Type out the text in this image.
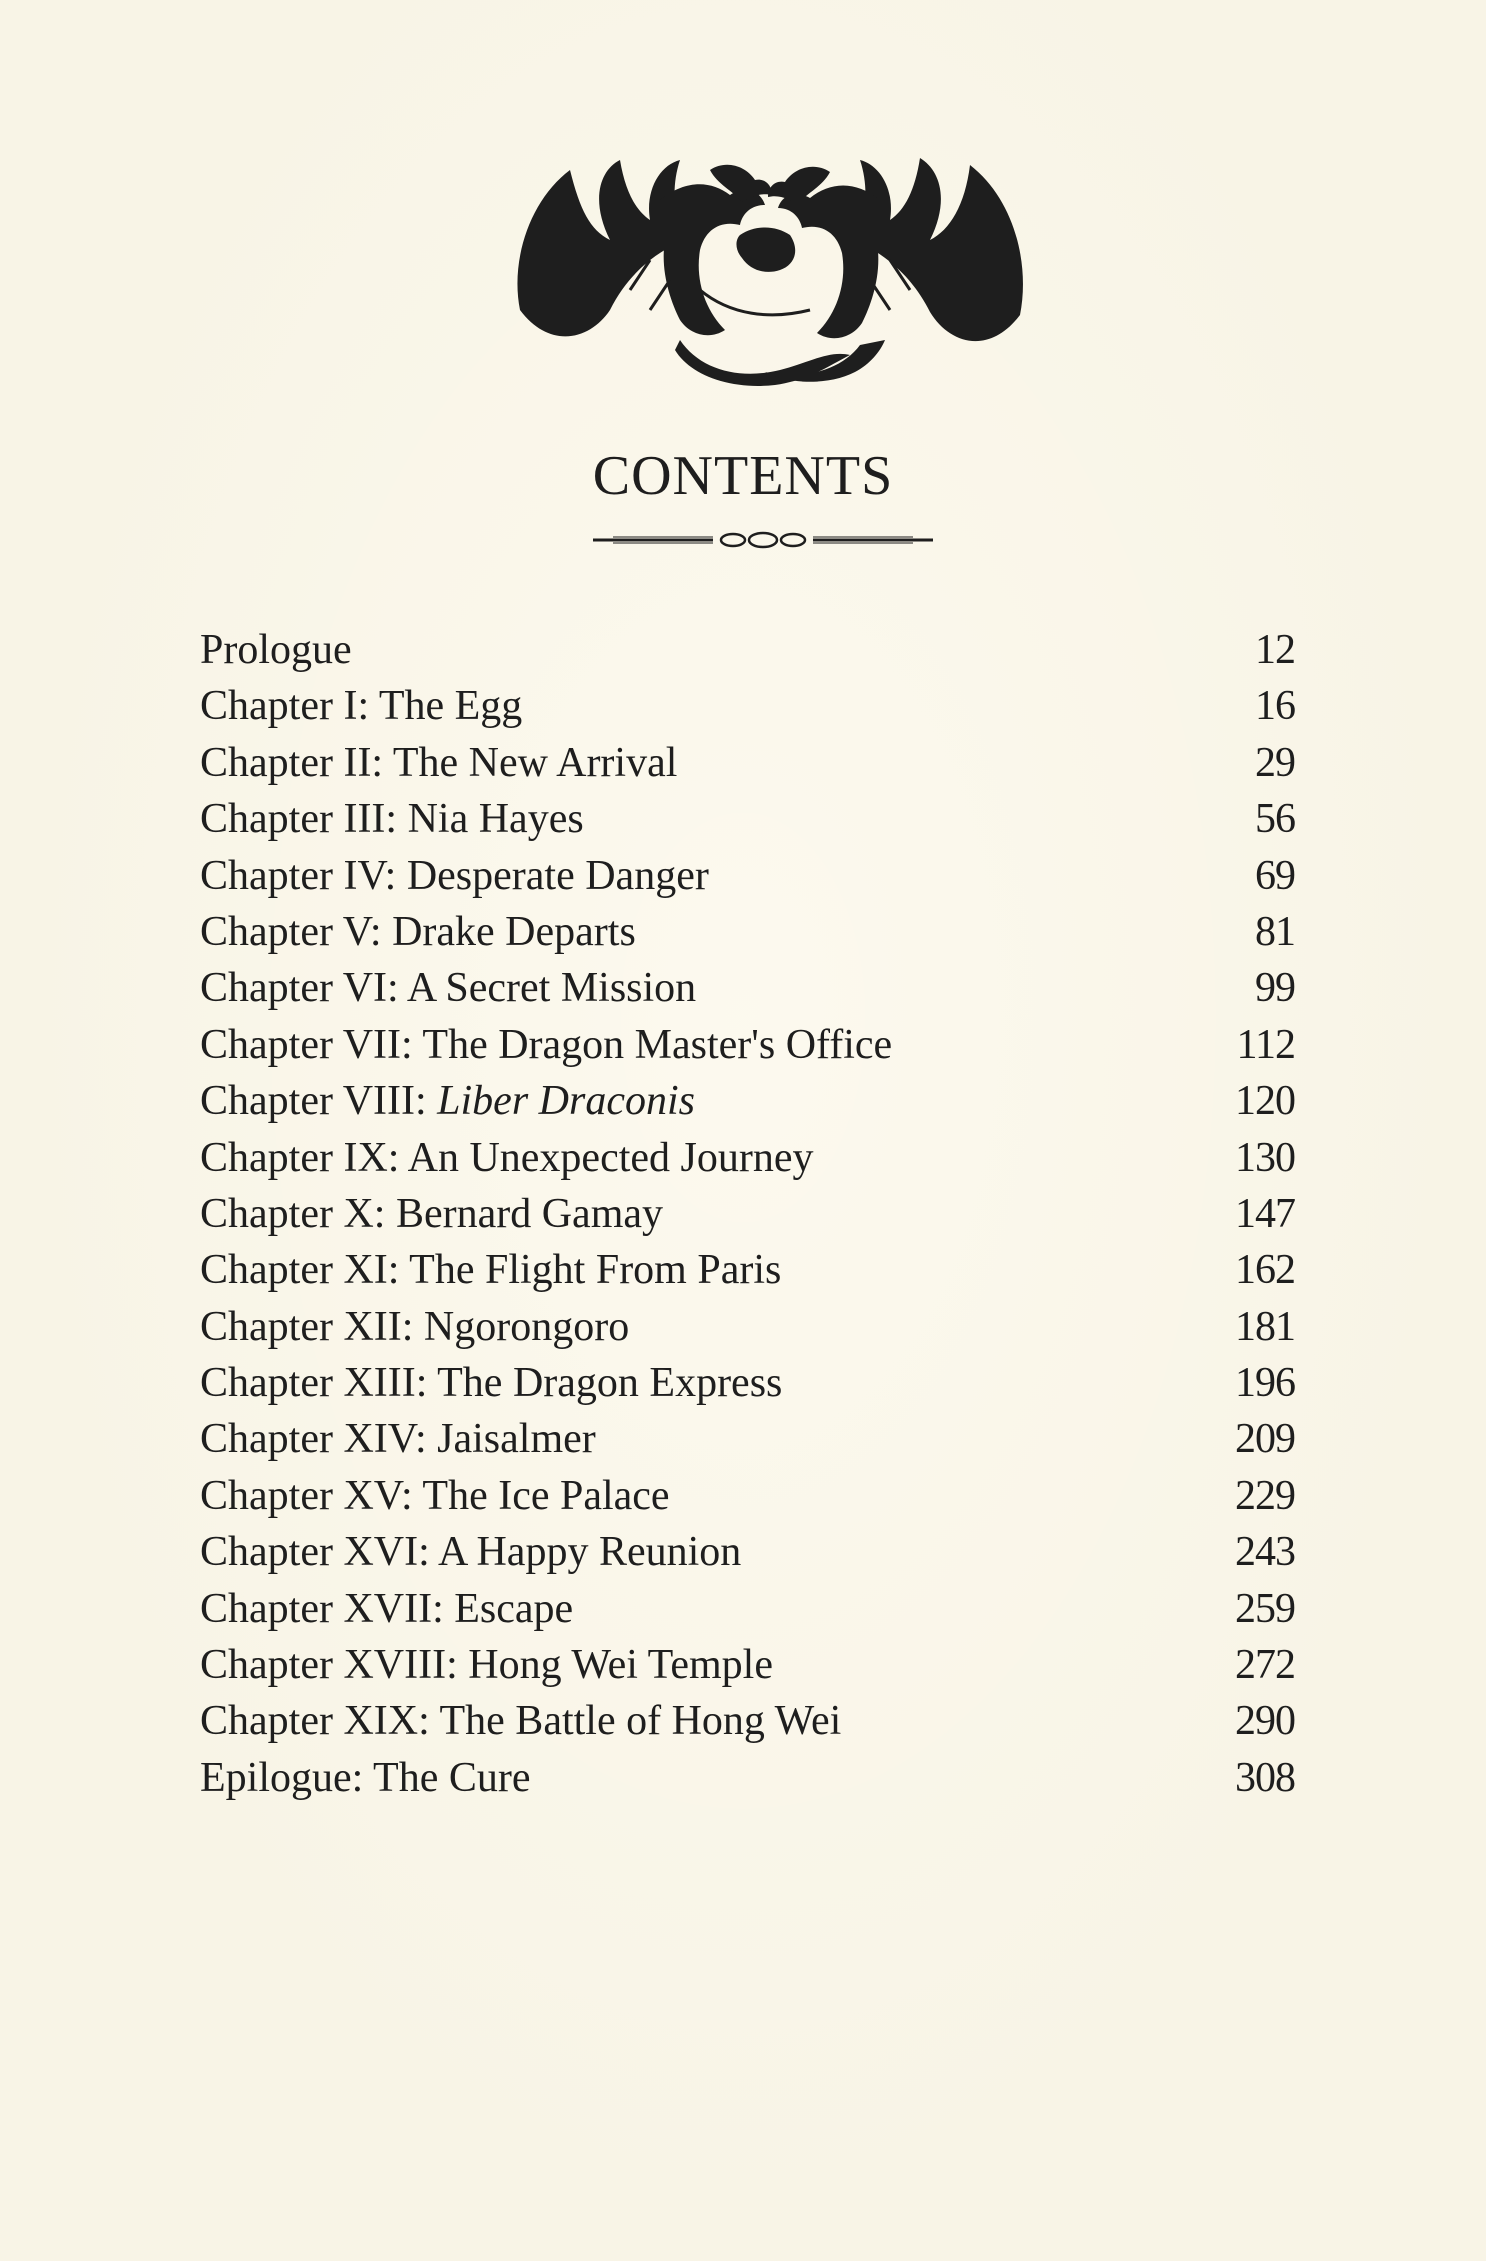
CONTENTS
Prologue	12
Chapter I: The Egg	16
Chapter II: The New Arrival	29
Chapter III: Nia Hayes	56
Chapter IV: Desperate Danger	69
Chapter V: Drake Departs	81
Chapter VI: A Secret Mission	99
Chapter VII: The Dragon Master's Office	112
Chapter VIII: Liber Draconis	120
Chapter IX: An Unexpected Journey	130
Chapter X: Bernard Gamay	147
Chapter XI: The Flight From Paris	162
Chapter XII: Ngorongoro	181
Chapter XIII: The Dragon Express	196
Chapter XIV: Jaisalmer	209
Chapter XV: The Ice Palace	229
Chapter XVI: A Happy Reunion	243
Chapter XVII: Escape	259
Chapter XVIII: Hong Wei Temple	272
Chapter XIX: The Battle of Hong Wei	290
Epilogue: The Cure	308
